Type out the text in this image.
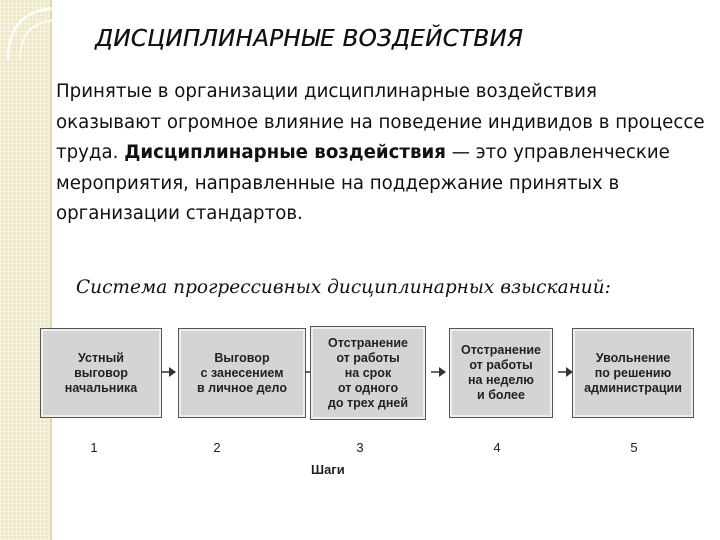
ДИСЦИПЛИНАРНЫЕ ВОЗДЕЙСТВИЯ

Принятые в организации дисциплинарные воздействия оказывают огромное влияние на поведение индивидов в процессе труда. Дисциплинарные воздействия — это управленческие мероприятия, направленные на поддержание принятых в организации стандартов.

Система прогрессивных дисциплинарных взысканий:

Устный
выговор
начальника
Выговор
с занесением
в личное дело
Отстранение
от работы
на срок
от одного
до трех дней
Отстранение
от работы
на неделю
и более
Увольнение
по решению
администрации
1	2	3	4	5
Шаги
